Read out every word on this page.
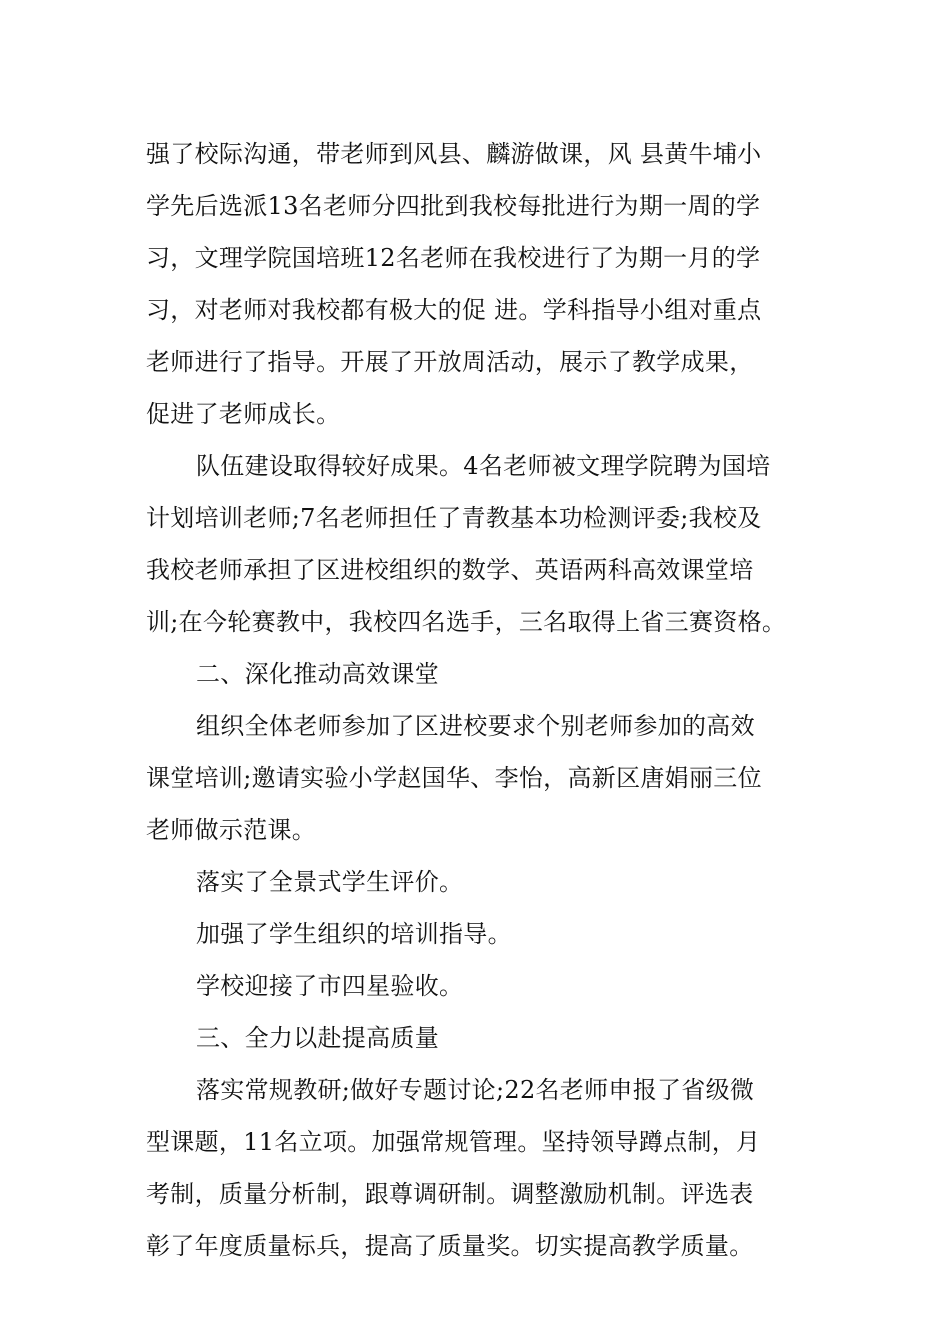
强了校际沟通，带老师到风县、麟游做课，风 县黄牛埔小
学先后选派13名老师分四批到我校每批进行为期一周的学
习，文理学院国培班12名老师在我校进行了为期一月的学
习，对老师对我校都有极大的促 进。学科指导小组对重点
老师进行了指导。开展了开放周活动，展示了教学成果，
促进了老师成长。
队伍建设取得较好成果。4名老师被文理学院聘为国培
计划培训老师;7名老师担任了青教基本功检测评委;我校及
我校老师承担了区进校组织的数学、英语两科高效课堂培
训;在今轮赛教中，我校四名选手，三名取得上省三赛资格。
二、深化推动高效课堂
组织全体老师参加了区进校要求个别老师参加的高效
课堂培训;邀请实验小学赵国华、李怡，高新区唐娟丽三位
老师做示范课。
落实了全景式学生评价。
加强了学生组织的培训指导。
学校迎接了市四星验收。
三、全力以赴提高质量
落实常规教研;做好专题讨论;22名老师申报了省级微
型课题，11名立项。加强常规管理。坚持领导蹲点制，月
考制，质量分析制，跟尊调研制。调整激励机制。评选表
彰了年度质量标兵，提高了质量奖。切实提高教学质量。
